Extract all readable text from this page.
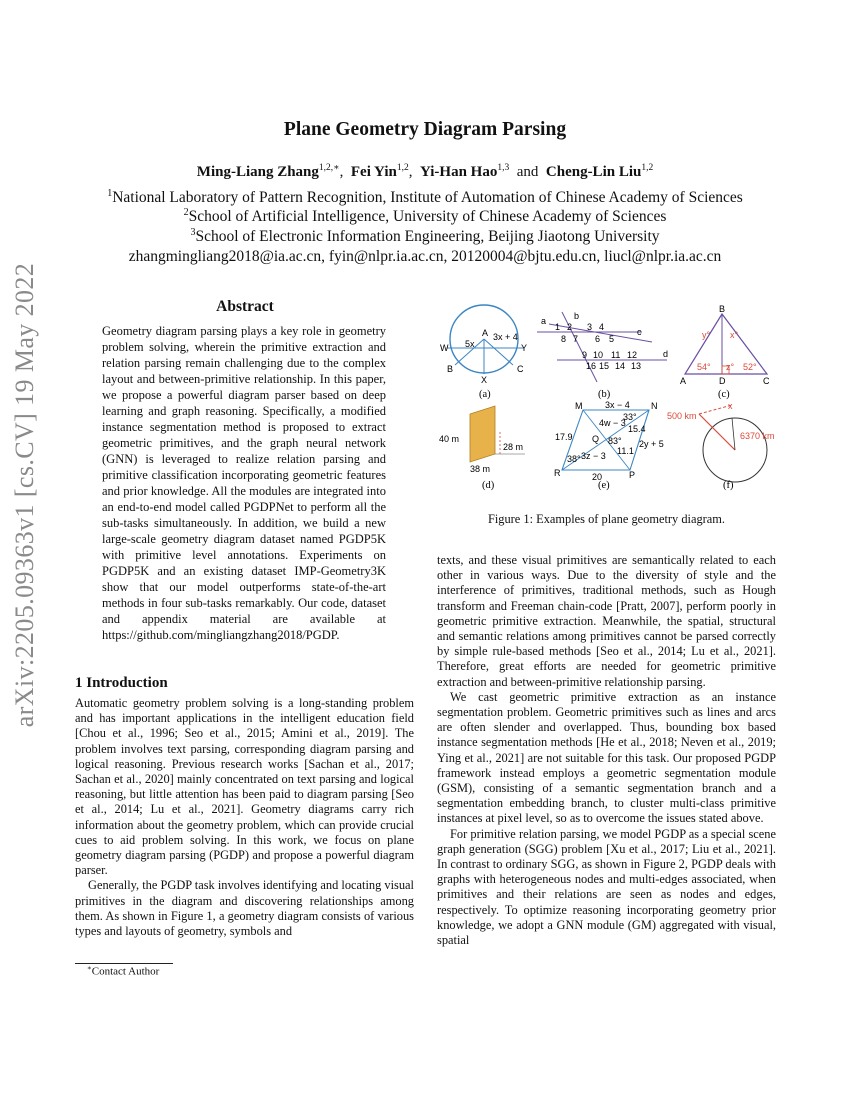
Plane Geometry Diagram Parsing
Ming-Liang Zhang$^{1,2,∗}$, Fei Yin$^{1,2}$, Yi-Han Hao$^{1,3}$ and Cheng-Lin Liu$^{1,2}$
$^1$National Laboratory of Pattern Recognition, Institute of Automation of Chinese Academy of Sciences
$^2$School of Artificial Intelligence, University of Chinese Academy of Sciences
$^3$School of Electronic Information Engineering, Beijing Jiaotong University
zhangmingliang2018@ia.ac.cn, fyin@nlpr.ia.ac.cn, 20120004@bjtu.edu.cn, liucl@nlpr.ia.ac.cn
arXiv:2205.09363v1 [cs.CV] 19 May 2022	Abstract
Geometry diagram parsing plays a key role in geometry problem solving, wherein the primitive extraction and relation parsing remain challenging due to the complex layout and between-primitive relationship. In this paper, we propose a powerful diagram parser based on deep learning and graph reasoning. Specifically, a modified instance segmentation method is proposed to extract geometric primitives, and the graph neural network (GNN) is leveraged to realize relation parsing and primitive classification incorporating geometric features and prior knowledge. All the modules are integrated into an end-to-end model called PGDPNet to perform all the sub-tasks simultaneously. In addition, we build a new large-scale geometry diagram dataset named PGDP5K with primitive level annotations. Experiments on PGDP5K and an existing dataset IMP-Geometry3K show that our model outperforms state-of-the-art methods in four sub-tasks remarkably. Our code, dataset and appendix material are available at https://github.com/mingliangzhang2018/PGDP.
1 Introduction

Automatic geometry problem solving is a long-standing problem and has important applications in the intelligent education field [Chou et al., 1996; Seo et al., 2015; Amini et al., 2019]. The problem involves text parsing, corresponding diagram parsing and logical reasoning. Previous research works [Sachan et al., 2017; Sachan et al., 2020] mainly concentrated on text parsing and logical reasoning, but little attention has been paid to diagram parsing [Seo et al., 2014; Lu et al., 2021]. Geometry diagrams carry rich information about the geometry problem, which can provide crucial cues to aid problem solving. In this work, we focus on plane geometry diagram parsing (PGDP) and propose a powerful diagram parser.

Generally, the PGDP task involves identifying and locating visual primitives in the diagram and discovering relationships among them. As shown in Figure 1, a geometry diagram consists of various types and layouts of geometry, symbols and

∗Contact Author
A
W	Y
B	C
X
5x
3x + 4
(a)
a	b
c
d
1 2 3 4
8 7 6 5
9 10 11 12
16 15 14 13
(b)
B
A	D	C
y° x°
54° z° 52°
(c)
40 m
28 m
38 m
(d)
M	N
Q
R	P
3x − 4
4w − 3
33°
15.4
17.9	83° 2y + 5
38° 3z − 3 11.1
20
(e)
500 km
x
6370 km
(f)
Figure 1: Examples of plane geometry diagram.

texts, and these visual primitives are semantically related to each other in various ways. Due to the diversity of style and the interference of primitives, traditional methods, such as Hough transform and Freeman chain-code [Pratt, 2007], perform poorly in geometric primitive extraction. Meanwhile, the spatial, structural and semantic relations among primitives cannot be parsed correctly by simple rule-based methods [Seo et al., 2014; Lu et al., 2021]. Therefore, great efforts are needed for geometric primitive extraction and between-primitive relationship parsing.

We cast geometric primitive extraction as an instance segmentation problem. Geometric primitives such as lines and arcs are often slender and overlapped. Thus, bounding box based instance segmentation methods [He et al., 2018; Neven et al., 2019; Ying et al., 2021] are not suitable for this task. Our proposed PGDP framework instead employs a geometric segmentation module (GSM), consisting of a semantic segmentation branch and a segmentation embedding branch, to cluster multi-class primitive instances at pixel level, so as to overcome the issues stated above.

For primitive relation parsing, we model PGDP as a special scene graph generation (SGG) problem [Xu et al., 2017; Liu et al., 2021]. In contrast to ordinary SGG, as shown in Figure 2, PGDP deals with graphs with heterogeneous nodes and multi-edges associated, when primitives and their relations are seen as nodes and edges, respectively. To optimize reasoning incorporating geometry prior knowledge, we adopt a GNN module (GM) aggregated with visual, spatial
